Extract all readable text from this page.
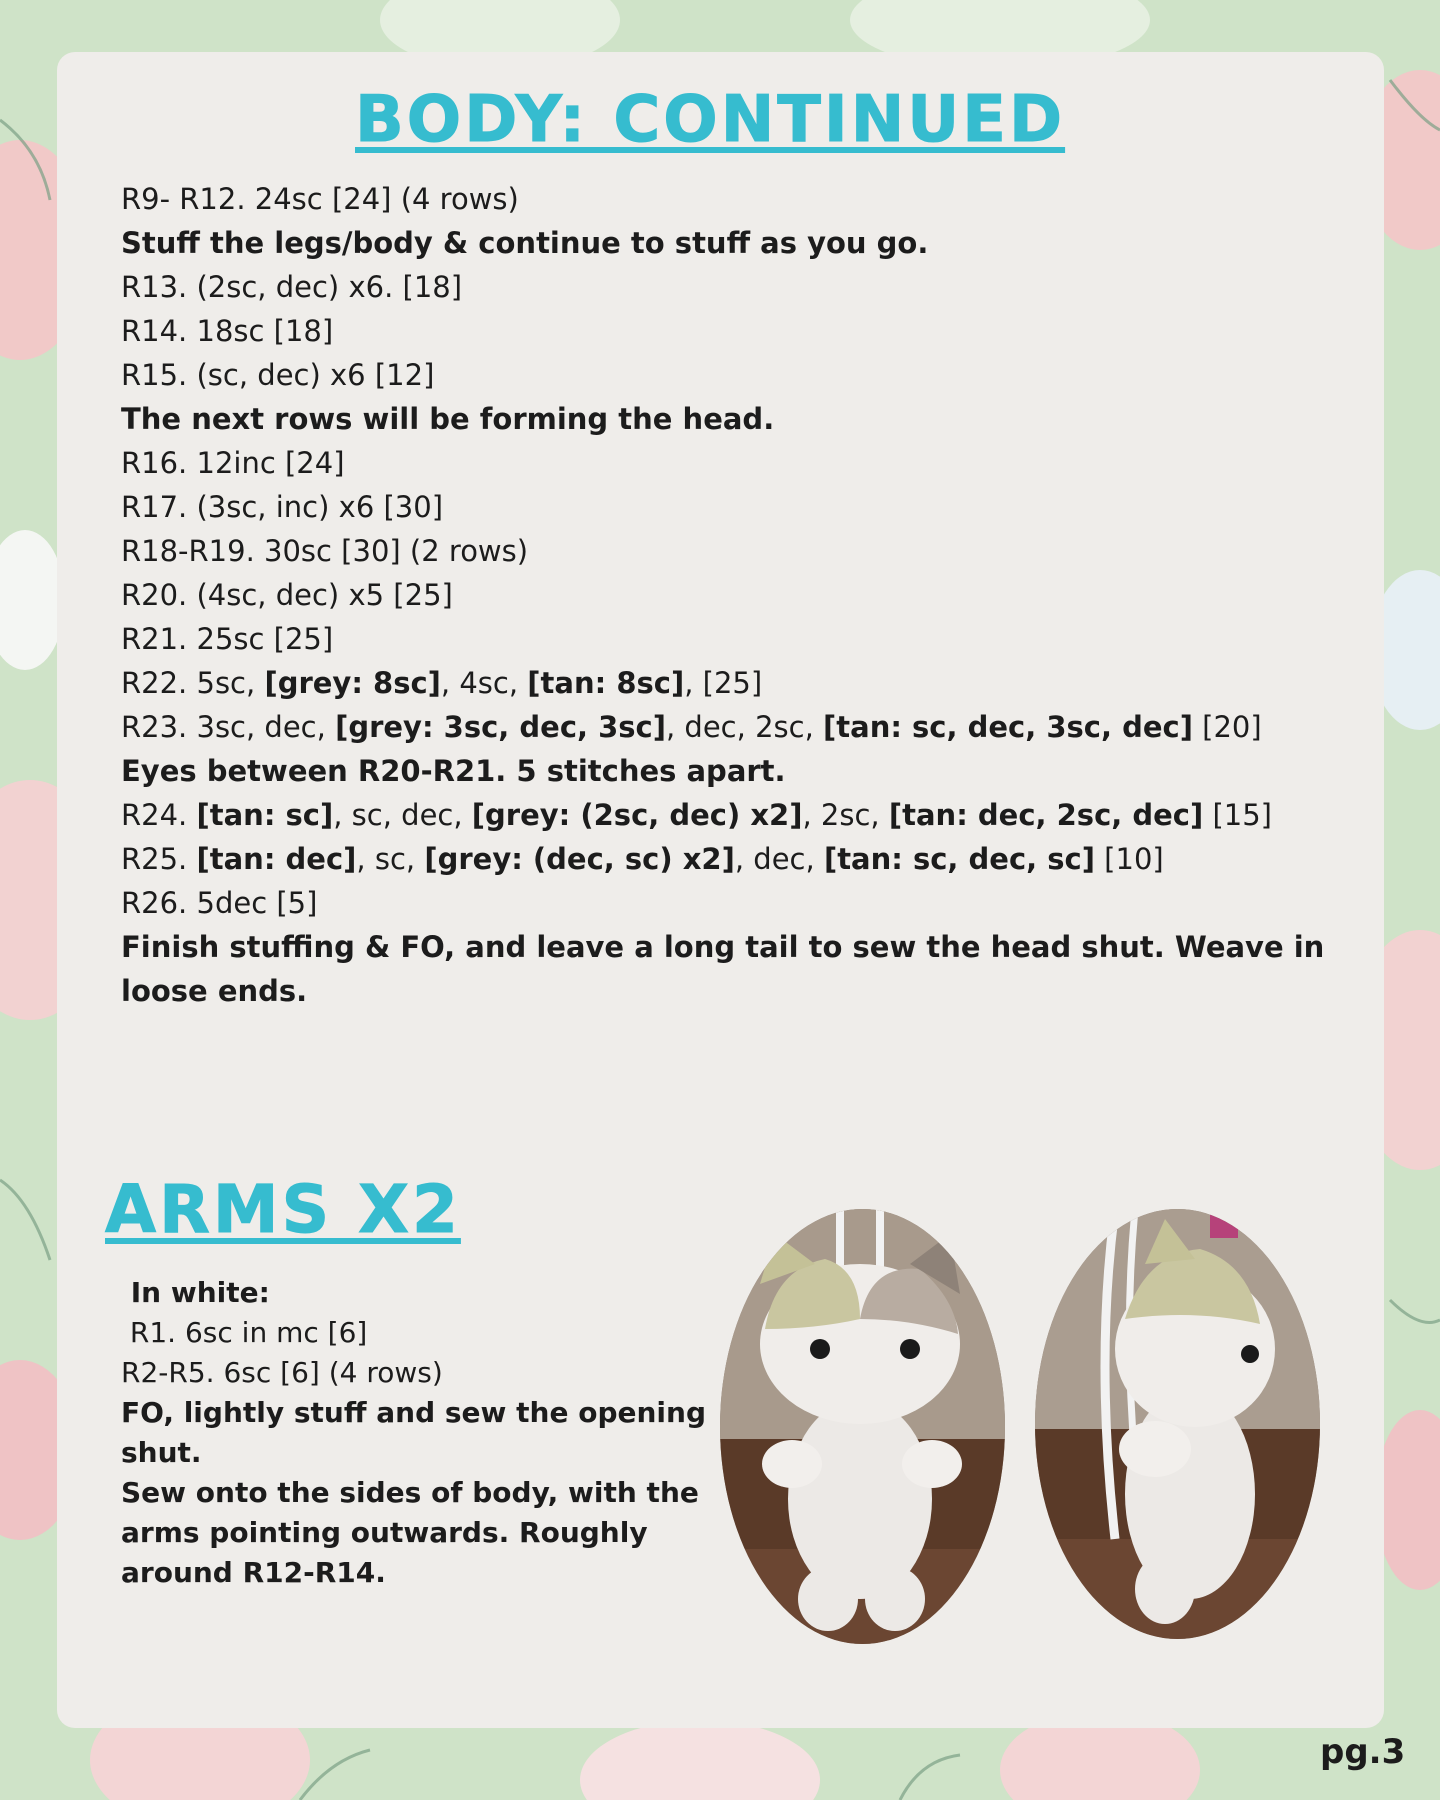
BODY: CONTINUED
R9- R12. 24sc [24] (4 rows)
Stuff the legs/body & continue to stuff as you go.
R13. (2sc, dec) x6. [18]
R14. 18sc [18]
R15. (sc, dec) x6 [12]
The next rows will be forming the head.
R16. 12inc [24]
R17. (3sc, inc) x6 [30]
R18-R19. 30sc [30] (2 rows)
R20. (4sc, dec) x5 [25]
R21. 25sc [25]
R22. 5sc, [grey: 8sc], 4sc, [tan: 8sc], [25]
R23. 3sc, dec, [grey: 3sc, dec, 3sc], dec, 2sc, [tan: sc, dec, 3sc, dec] [20]
Eyes between R20-R21. 5 stitches apart.
R24. [tan: sc], sc, dec, [grey: (2sc, dec) x2], 2sc, [tan: dec, 2sc, dec] [15]
R25. [tan: dec], sc, [grey: (dec, sc) x2], dec, [tan: sc, dec, sc] [10]
R26. 5dec [5]
Finish stuffing & FO, and leave a long tail to sew the head shut. Weave in loose ends.
ARMS X2
In white:
R1. 6sc in mc [6]
R2-R5. 6sc [6] (4 rows)
FO, lightly stuff and sew the opening shut.
Sew onto the sides of body, with the arms pointing outwards. Roughly around R12-R14.
pg.3
